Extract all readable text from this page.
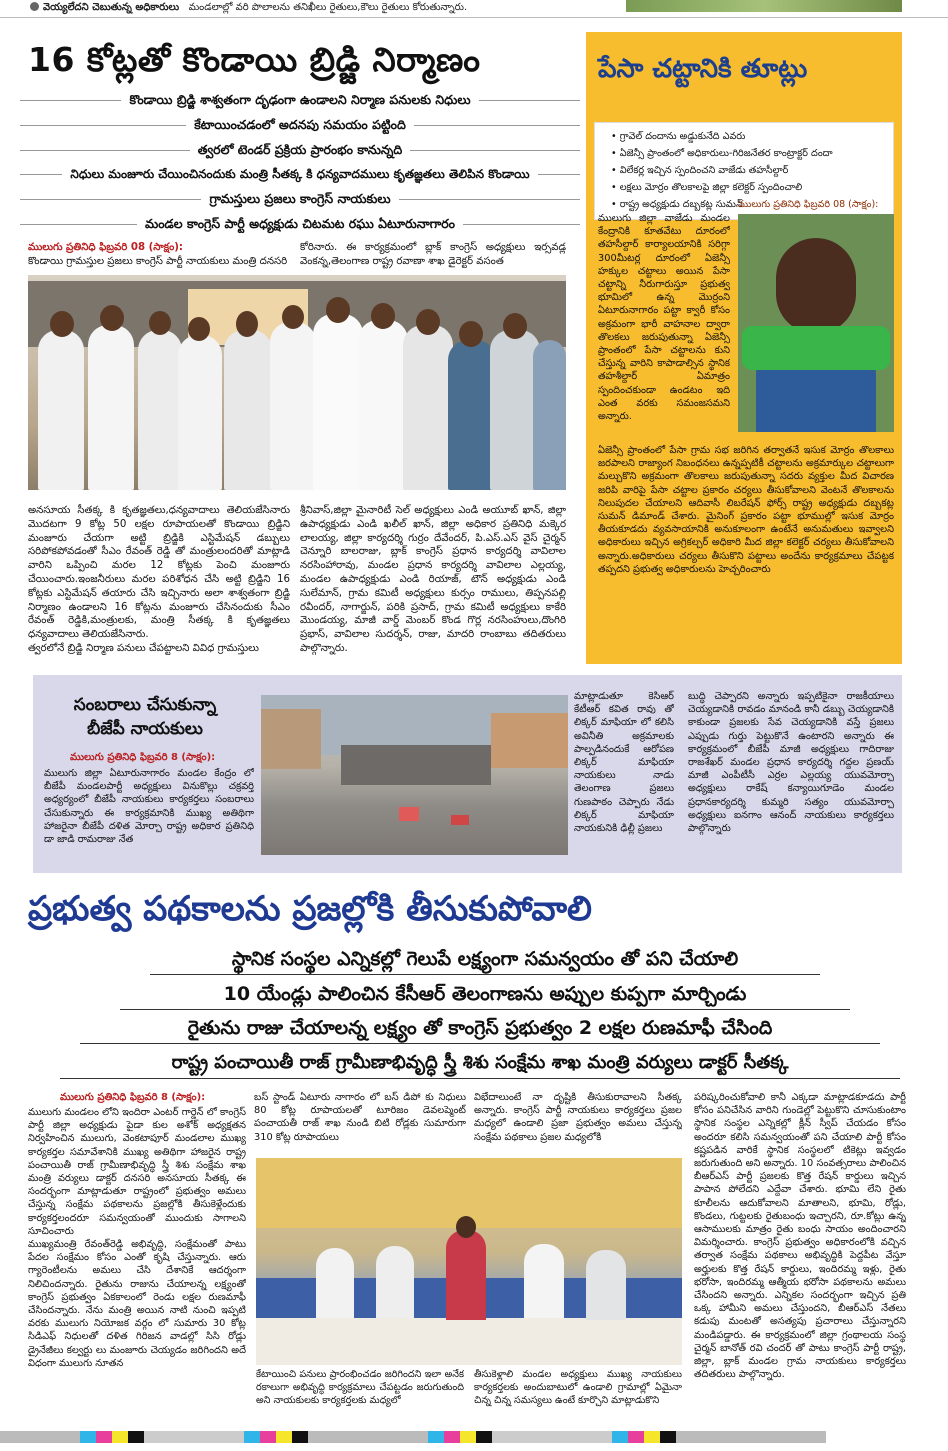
వెయ్యలేదని చెబుతున్న అధికారులు మండలాల్లో వరి పొలాలను తనిఖీలు రైతులు,కౌలు రైతులు కోరుతున్నారు.
16 కోట్లతో కొండాయి బ్రిడ్జి నిర్మాణం
కొండాయి బ్రిడ్జి శాశ్వతంగా దృఢంగా ఉండాలని నిర్మాణ పనులకు నిధులు
కేటాయించడంలో అదనపు సమయం పట్టింది
త్వరలో టెండర్ ప్రక్రియ ప్రారంభం కానున్నది
నిధులు మంజూరు చేయించినందుకు మంత్రి సీతక్క కి ధన్యవాదములు కృతజ్ఞతలు తెలిపిన కొండాయి
గ్రామస్తులు ప్రజలు కాంగ్రెస్ నాయకులు
మండల కాంగ్రెస్ పార్టీ అధ్యక్షుడు చిటమట రఘు ఏటూరునాగారం
ములుగు ప్రతినిధి ఫిబ్రవరి 08 (సాక్షం):
కొండాయి గ్రామస్తుల ప్రజలు కాంగ్రెస్ పార్టీ నాయకులు మంత్రి దనసరి
కోరినారు. ఈ కార్యక్రమంలో బ్లాక్ కాంగ్రెస్ అధ్యక్షులు ఇర్సవడ్ల వెంకన్న,తెలంగాణ రాష్ట్ర రవాణా శాఖ డైరెక్టర్ వసంత
అనసూయ సీతక్క కి కృతజ్ఞతలు,ధన్యవాదాలు తెలియజేసినారు మొదటగా 9 కోట్ల 50 లక్షల రూపాయలతో కొండాయి బ్రిడ్జిని మంజూరు చేయగా అట్టి బ్రిడ్జికి ఎస్టిమేషన్ డబ్బులు సరిపోకపోవడంతో సీఎం రేవంత్ రెడ్డి తో మంత్రులందరితో మాట్లాడి వారిని ఒప్పించి మరల 12 కోట్లకు పెంచి మంజూరు చేయించారు.ఇంజనీరులు మరల పరిశోధన చేసి అట్టి బ్రిడ్జిని 16 కోట్లకు ఎస్టిమేషన్ తయారు చేసి ఇచ్చినారు అలా శాశ్వతంగా బ్రిడ్జి నిర్మాణం ఉండాలని 16 కోట్లను మంజూరు చేసినందుకు సీఎం రేవంత్ రెడ్డికి,మంత్రులకు, మంత్రి సీతక్క కి కృతజ్ఞతలు ధన్యవాదాలు తెలియజేసినారు.
త్వరలోనే బ్రిడ్జి నిర్మాణ పనులు చేపట్టాలని వివిధ గ్రామస్తులు
శ్రీనివాస్,జిల్లా మైనారిటీ సెల్ అధ్యక్షులు ఎండి అయూబ్ ఖాన్, జిల్లా ఉపాధ్యక్షుడు ఎండి ఖలీల్ ఖాన్, జిల్లా అధికార ప్రతినిధి మక్కెర లాలయ్య, జిల్లా కార్యదర్శి గుర్రం దేవేందర్, పి.ఎస్.ఎస్ వైస్ చైర్మన్ చెన్నూరి బాలరాజు, బ్లాక్ కాంగ్రెస్ ప్రధాన కార్యదర్శి వావిలాల నరసింహారావు, మండల ప్రధాన కార్యదర్శి వావిలాల ఎల్లయ్య, మండల ఉపాధ్యక్షుడు ఎండి రియాజ్, టౌన్ అధ్యక్షుడు ఎండి సులేమాన్, గ్రామ కమిటీ అధ్యక్షులు కుర్సం రాములు, తిప్పనపల్లి రవీందర్, నాగార్జున్, పరికి ప్రసాద్, గ్రామ కమిటీ అధ్యక్షులు కాకేరి మొండయ్య, మాజీ వార్డ్ మెంబర్ కొండ గొర్ల నరసింహులు,దొంగిరి ప్రభాస్, వావిలాల సుదర్శన్, రాజు, మాదరి రాంబాబు తదితరులు పాల్గొన్నారు.
పేసా చట్టానికి తూట్లు
• గ్రావెల్ దందాను అడ్డుకునేది ఎవరు
• ఏజెన్సీ ప్రాంతంలో అధికారులు-గిరిజనేతర కాంట్రాక్టర్ దందా
• విలేకర్ల ఇచ్చిన స్పందించని వాజేడు తహసీల్దార్
• లక్షలు మోర్రం తొలకాలపై జిల్లా కలెక్టర్ స్పందించాలి
• రాష్ట్ర అధ్యక్షుడు దబ్బకట్ల సుమన్
ములుగు ప్రతినిధి ఫిబ్రవరి 08 (సాక్షం):
ములుగు జిల్లా వాజేడు మండల కేంద్రానికి కూతవేటు దూరంలో తహసీల్దార్ కార్యాలయానికి సరిగ్గా 300మీటర్ల దూరంలో ఏజెన్సీ హక్కుల చట్టాలు అయిన పేసా చట్టాన్ని నీరుగారుస్తూ ప్రభుత్వ భూమిలో ఉన్న మొర్రంని ఏటూరునాగారం పట్టా క్వారీ కోసం అక్రమంగా భారీ వాహనాల ద్వారా తొలకలు జరుపుతున్నా ఏజెన్సీ ప్రాంతంలో పేసా చట్టాలను కుని చేస్తున్న వారిని కాపాడాల్సిన స్థానిక తహశీల్దార్ ఏమాత్రం స్పందించకుండా ఉండటం ఇది ఎంత వరకు సమంజసమని అన్నారు.
ఏజెన్సీ ప్రాంతంలో పేసా గ్రామ సభ జరిగిన తర్వాతనే ఇసుక మోర్రం తొలకాలు జరపాలని రాజ్యాంగ నిబంధనలు ఉన్నప్పటికీ చట్టాలను అక్రమార్కుల చట్టాలుగా మల్చుకొని అక్రమంగా తొలకాలు జరుపుతున్నా సదరు వ్యక్తుల మీద విచారణ జరిపి వారిపై పేసా చట్టాల ప్రకారం చర్యలు తీసుకోవాలని వెంటనే తొలకాలను నిలుపుదల చేయాలని ఆదివాసీ లిబరేషన్ ఫోర్స్ రాష్ట్ర అధ్యక్షుడు దబ్బకట్ల సుమన్ డిమాండ్ చేశారు. మైనింగ్ ప్రకారం పట్టా భూముల్లో ఇసుక మోర్రం తీయకూడదు వ్యవసాయానికి అనుకూలంగా ఉంటేనే అనుమతులు ఇవ్వాలని అధికారులు ఇచ్చిన అగ్రికల్చర్ అధికారి మీద జిల్లా కలెక్టర్ చర్యలు తీసుకోవాలని అన్నారు.అధికారులు చర్యలు తీసుకొని పట్టాలు అందేను కార్యక్రమాలు చేపట్టక తప్పదని ప్రభుత్వ అధికారులను హెచ్చరించారు
సంబరాలు చేసుకున్నా
బీజేపీ నాయకులు
ములుగు ప్రతినిధి ఫిబ్రవరి 8 (సాక్షం):
ములుగు జిల్లా ఏటూరునాగారం మండల కేంద్రం లో బీజేపీ మండలపార్టీ అధ్యక్షులు వినుకొల్లు చక్రవర్తి అధ్యర్యంలో బీజేపీ నాయకులు కార్యకర్తలు సంబరాలు చేసుకున్నారు ఈ కార్యక్రమానికి ముఖ్య అతిథిగా హాజరైనా బీజేపీ దళిత మోర్చా రాష్ట్ర అధికార ప్రతినిధి డా జాడి రామరాజు నేత
మాట్లాడుతూ కెసిఆర్ కేటీఆర్ కవిత రావు తో లిక్కర్ మాఫియా లో కలిసి అవినీతి అక్రమాలకు పాల్పడినందుకే ఆరోపణ లిక్కర్ మాఫియా నాయకులు నాడు తెలంగాణ ప్రజలు గుణపాఠం చెప్పారు నేడు లిక్కర్ మాఫియా నాయకునికి ఢిల్లీ ప్రజలు
బుద్ధి చెప్పారని అన్నారు ఇప్పటికైనా రాజకీయాలు చెయ్యడానికి రావడం మానండి కానీ డబ్బు చెయ్యడానికి కాకుండా ప్రజలకు సేవ చెయ్యడానికి వస్తే ప్రజలు ఎప్పుడు గుర్తు పెట్టుకొనే ఉంటారని అన్నారు ఈ కార్యక్రమంలో బీజేపీ మాజీ అధ్యక్షులు గాదిరాజు రాజశేఖర్ మండల ప్రధాన కార్యదర్శి గద్దల ప్రణయ్ మాజీ ఎంపీటీసీ ఎర్రల ఎల్లయ్య యువమోర్చా అధ్యక్షులు రాకేష్ కన్యాయిగూడెం మండల ప్రధానకార్యదర్శి కుమ్మరి సత్యం యువమోర్చా అధ్యక్షులు ఐనగాం ఆనంద్ నాయకులు కార్యకర్తలు పాల్గొన్నారు
ప్రభుత్వ పథకాలను ప్రజల్లోకి తీసుకుపోవాలి
స్థానిక సంస్థల ఎన్నికల్లో గెలుపే లక్ష్యంగా సమన్వయం తో పని చేయాలి
10 యేండ్లు పాలించిన కేసీఆర్ తెలంగాణను అప్పుల కుప్పగా మార్చిండు
రైతును రాజు చేయాలన్న లక్ష్యం తో కాంగ్రెస్ ప్రభుత్వం 2 లక్షల రుణమాఫీ చేసింది
రాష్ట్ర పంచాయితీ రాజ్ గ్రామీణాభివృద్ధి స్త్రీ శిశు సంక్షేమ శాఖ మంత్రి వర్యులు డాక్టర్ సీతక్క
ములుగు ప్రతినిధి ఫిబ్రవరి 8 (సాక్షం):
ములుగు మండలం లోని ఇందిరా ఎంటర్ గార్డెన్ లో కాంగ్రెస్ పార్టీ జిల్లా అధ్యక్షుడు పైడా కుల అశోక్ అధ్యక్షతన నిర్వహించిన ములుగు, వెంకటాపూర్ మండలాల ముఖ్య కార్యకర్తల సమావేశానికి ముఖ్య అతిథిగా హాజరైన రాష్ట్ర పంచాయితీ రాజ్ గ్రామీణాభివృద్ధి స్త్రీ శిశు సంక్షేమ శాఖ మంత్రి వర్యులు డాక్టర్ దనసరి అనసూయ సీతక్క ఈ సందర్భంగా మాట్లాడుతూ రాష్ట్రంలో ప్రభుత్వం అమలు చేస్తున్న సంక్షేమ పథకాలను ప్రజల్లోకి తీసుకెళ్లేందుకు కార్యకర్తలందరూ సమన్వయంతో ముందుకు సాగాలని సూచించారు
ముఖ్యమంత్రి రేవంత్‌రెడ్డి అభివృద్ధి, సంక్షేమంతో పాటు పేదల సంక్షేమం కోసం ఎంతో కృషి చేస్తున్నారు. ఆరు గ్యారెంటీలను అమలు చేసి దేశానికే ఆదర్శంగా నిలిచిందన్నారు. రైతును రాజును చేయాలన్న లక్ష్యంతో కాంగ్రెస్ ప్రభుత్వం ఏకకాలంలో రెండు లక్షల రుణమాఫీ చేసిందన్నారు. నేను మంత్రి అయిన నాటి నుంచి ఇప్పటి వరకు ములుగు నియోజక వర్గం లో సుమారు 30 కోట్ల సిడిఎఫ్ నిధులతో దళిత గిరిజన వాడల్లో సిసి రోడ్లు డ్రైనేజీలు కల్వర్టు లు మంజూరు చెయ్యడం జరిగిందని అదే విధంగా ములుగు నూతన
బస్ స్టాండ్ ఏటూరు నాగారం లో బస్ డిపో కు నిధులు 80 కోట్ల రూపాయలతో టూరిజం డెవలప్మెంట్ పంచాయతీ రాజ్ శాఖ నుండి బిటి రోడ్లకు సుమారుగా 310 కోట్ల రూపాయలు
విభేదాలుంటే నా దృష్టికి తీసుకురావాలని సీతక్క అన్నారు. కాంగ్రెస్ పార్టీ నాయకులు కార్యకర్తలు ప్రజల మధ్యలో ఉండాలి ప్రజా ప్రభుత్వం అమలు చేస్తున్న సంక్షేమ పథకాలు ప్రజల మధ్యలోకి
పరిష్కరించుకోవాలి కానీ ఎక్కడా మాట్లాడకూడదు పార్టీ కోసం పనిచేసిన వారిని గుండెల్లో పెట్టుకొని చూసుకుంటాం స్థానిక సంస్థల ఎన్నికల్లో క్లీన్ స్వీప్ చేయడం కోసం అందరూ కలిసి సమన్వయంతో పని చేయాలి పార్టీ కోసం కష్టపడిన వారికే స్థానిక సంస్థలలో టికెట్లు ఇవ్వడం జరుగుతుంది అని అన్నారు. 10 సంవత్సరాలు పాలించిన బీఆర్ఎస్ పార్టీ ప్రజలకు కొత్త రేషన్ కార్డులు ఇచ్చిన పాపాన పోలేదని ఎద్దేవా చేశారు. భూమి లేని రైతు కూలీలను ఆదుకోవాలని మాతాలని, భూమి, రోడ్లు, కొండలు, గుట్టలకు రైతుబంధు ఇచ్చారని, రూ.కోట్లు ఉన్న ఆసాములకు మాత్రం రైతు బంధు సాయం అందించారని విమర్శించారు. కాంగ్రెస్ ప్రభుత్వం అధికారంలోకి వచ్చిన తర్వాత సంక్షేమ పథకాలు అభివృద్ధికి పెద్దపీట వేస్తూ అర్హులకు కొత్త రేషన్ కార్డులు, ఇందిరమ్మ ఇళ్లు, రైతు భరోసా, ఇందిరమ్మ ఆత్మీయ భరోసా పథకాలను అమలు చేసిందని అన్నారు. ఎన్నికల సందర్భంగా ఇచ్చిన ప్రతి ఒక్క హామీని అమలు చేస్తుందని, బీఆర్ఎస్ నేతలు కడుపు మంటతో అసత్యపు ప్రచారాలు చేస్తున్నారని మండిపడ్డారు. ఈ కార్యక్రమంలో జిల్లా గ్రంథాలయ సంస్థ చైర్మన్ బానోత్ రవి చందర్ తో పాటు కాంగ్రెస్ పార్టీ రాష్ట్ర, జిల్లా, బ్లాక్ మండల గ్రామ నాయకులు కార్యకర్తలు తదితరులు పాల్గొన్నారు.
కేటాయించి పనులు ప్రారంభించడం జరిగిందని ఇలా అనేక రకాలుగా అభివృద్ధి కార్యక్రమాలు చేపట్టడం జరుగుతుంది అని నాయకులకు కార్యకర్తలకు మధ్యలో
తీసుకెళ్లాలి మండల అధ్యక్షులు ముఖ్య నాయకులు కార్యకర్తలకు అందుబాటులో ఉండాలి గ్రామాల్లో ఏమైనా చిన్న చిన్న సమస్యలు ఉంటే కూర్చొని మాట్లాడుకొని
